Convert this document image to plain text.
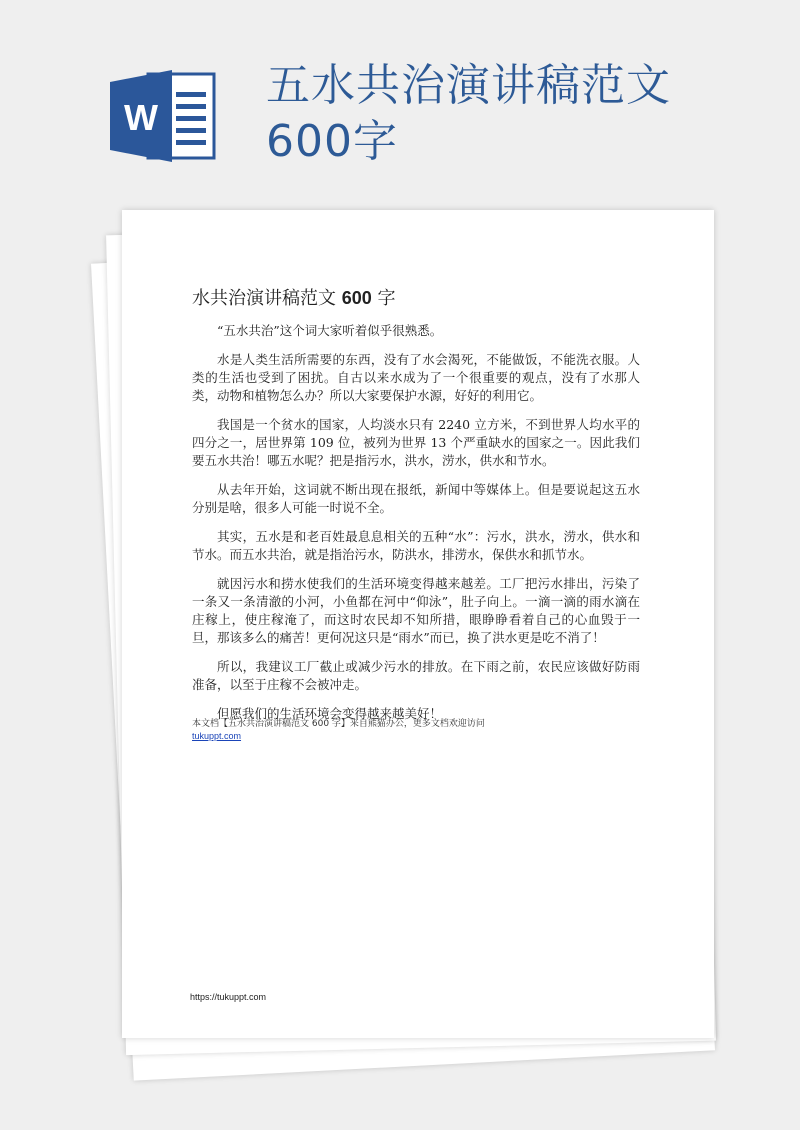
W
五水共治演讲稿范文600字
水共治演讲稿范文 600 字

“五水共治”这个词大家听着似乎很熟悉。

水是人类生活所需要的东西，没有了水会渴死，不能做饭，不能洗衣服。人类的生活也受到了困扰。自古以来水成为了一个很重要的观点，没有了水那人类，动物和植物怎么办？所以大家要保护水源，好好的利用它。

我国是一个贫水的国家，人均淡水只有 2240 立方米，不到世界人均水平的四分之一，居世界第 109 位，被列为世界 13 个严重缺水的国家之一。因此我们要五水共治！哪五水呢？把是指污水，洪水，涝水，供水和节水。

从去年开始，这词就不断出现在报纸，新闻中等媒体上。但是要说起这五水分别是啥，很多人可能一时说不全。

其实，五水是和老百姓最息息相关的五种“水”：污水，洪水，涝水，供水和节水。而五水共治，就是指治污水，防洪水，排涝水，保供水和抓节水。

就因污水和捞水使我们的生活环境变得越来越差。工厂把污水排出，污染了一条又一条清澈的小河，小鱼都在河中“仰泳”，肚子向上。一滴一滴的雨水滴在庄稼上，使庄稼淹了，而这时农民却不知所措，眼睁睁看着自己的心血毁于一旦，那该多么的痛苦！更何况这只是“雨水”而已，换了洪水更是吃不消了！

所以，我建议工厂截止或减少污水的排放。在下雨之前，农民应该做好防雨准备，以至于庄稼不会被冲走。

但愿我们的生活环境会变得越来越美好！

本文档【五水共治演讲稿范文 600 字】来自熊猫办公，更多文档欢迎访问
tukuppt.com
https://tukuppt.com
